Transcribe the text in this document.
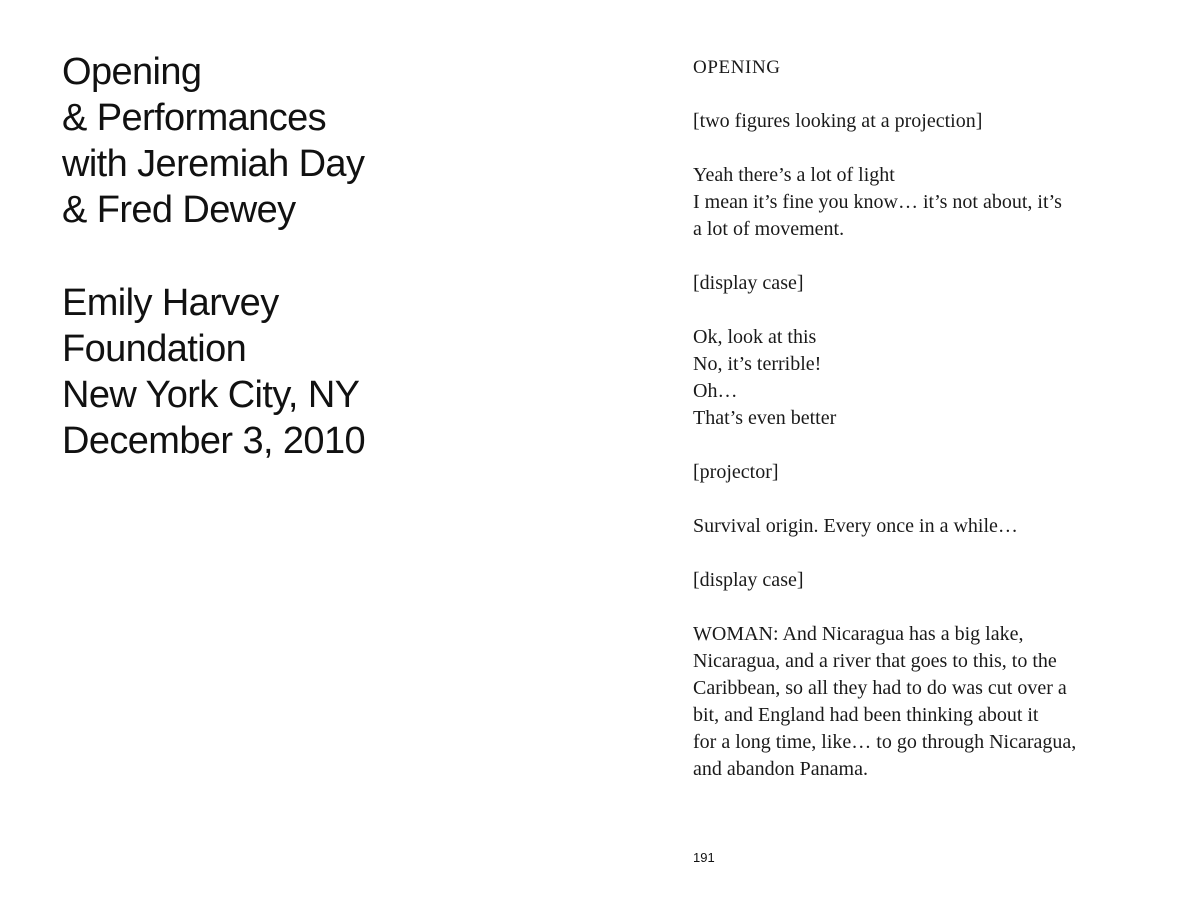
Opening
& Performances
with Jeremiah Day
& Fred Dewey
Emily Harvey
Foundation
New York City, NY
December 3, 2010
OPENING
[two figures looking at a projection]
Yeah there’s a lot of light
I mean it’s fine you know… it’s not about, it’s
a lot of movement.
[display case]
Ok, look at this
No, it’s terrible!
Oh…
That’s even better
[projector]
Survival origin. Every once in a while…
[display case]
WOMAN: And Nicaragua has a big lake,
Nicaragua, and a river that goes to this, to the
Caribbean, so all they had to do was cut over a
bit, and England had been thinking about it
for a long time, like… to go through Nicaragua,
and abandon Panama.
191
